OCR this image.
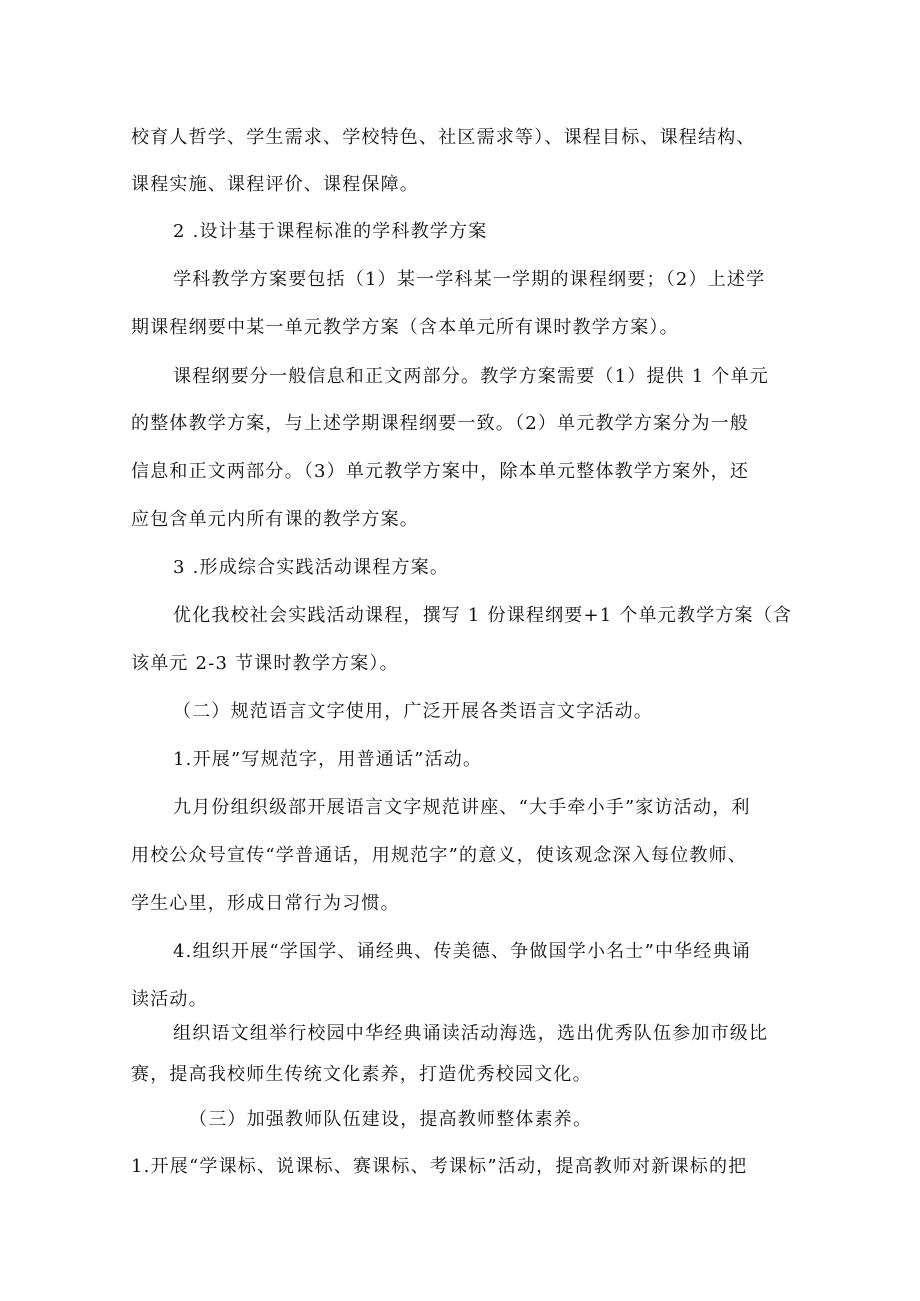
校育人哲学、学生需求、学校特色、社区需求等）、课程目标、课程结构、
课程实施、课程评价、课程保障。
2 .设计基于课程标准的学科教学方案
学科教学方案要包括（1）某一学科某一学期的课程纲要；（2）上述学
期课程纲要中某一单元教学方案（含本单元所有课时教学方案）。
课程纲要分一般信息和正文两部分。教学方案需要（1）提供 1 个单元
的整体教学方案，与上述学期课程纲要一致。（2）单元教学方案分为一般
信息和正文两部分。（3）单元教学方案中，除本单元整体教学方案外，还
应包含单元内所有课的教学方案。
3 .形成综合实践活动课程方案。
优化我校社会实践活动课程，撰写 1 份课程纲要+1 个单元教学方案（含
该单元 2-3 节课时教学方案）。
（二）规范语言文字使用，广泛开展各类语言文字活动。
1.开展”写规范字，用普通话”活动。
九月份组织级部开展语言文字规范讲座、“大手牵小手”家访活动，利
用校公众号宣传“学普通话，用规范字”的意义，使该观念深入每位教师、
学生心里，形成日常行为习惯。
4.组织开展“学国学、诵经典、传美德、争做国学小名士”中华经典诵
读活动。
组织语文组举行校园中华经典诵读活动海选，选出优秀队伍参加市级比
赛，提高我校师生传统文化素养，打造优秀校园文化。
（三）加强教师队伍建设，提高教师整体素养。
1.开展“学课标、说课标、赛课标、考课标”活动，提高教师对新课标的把
